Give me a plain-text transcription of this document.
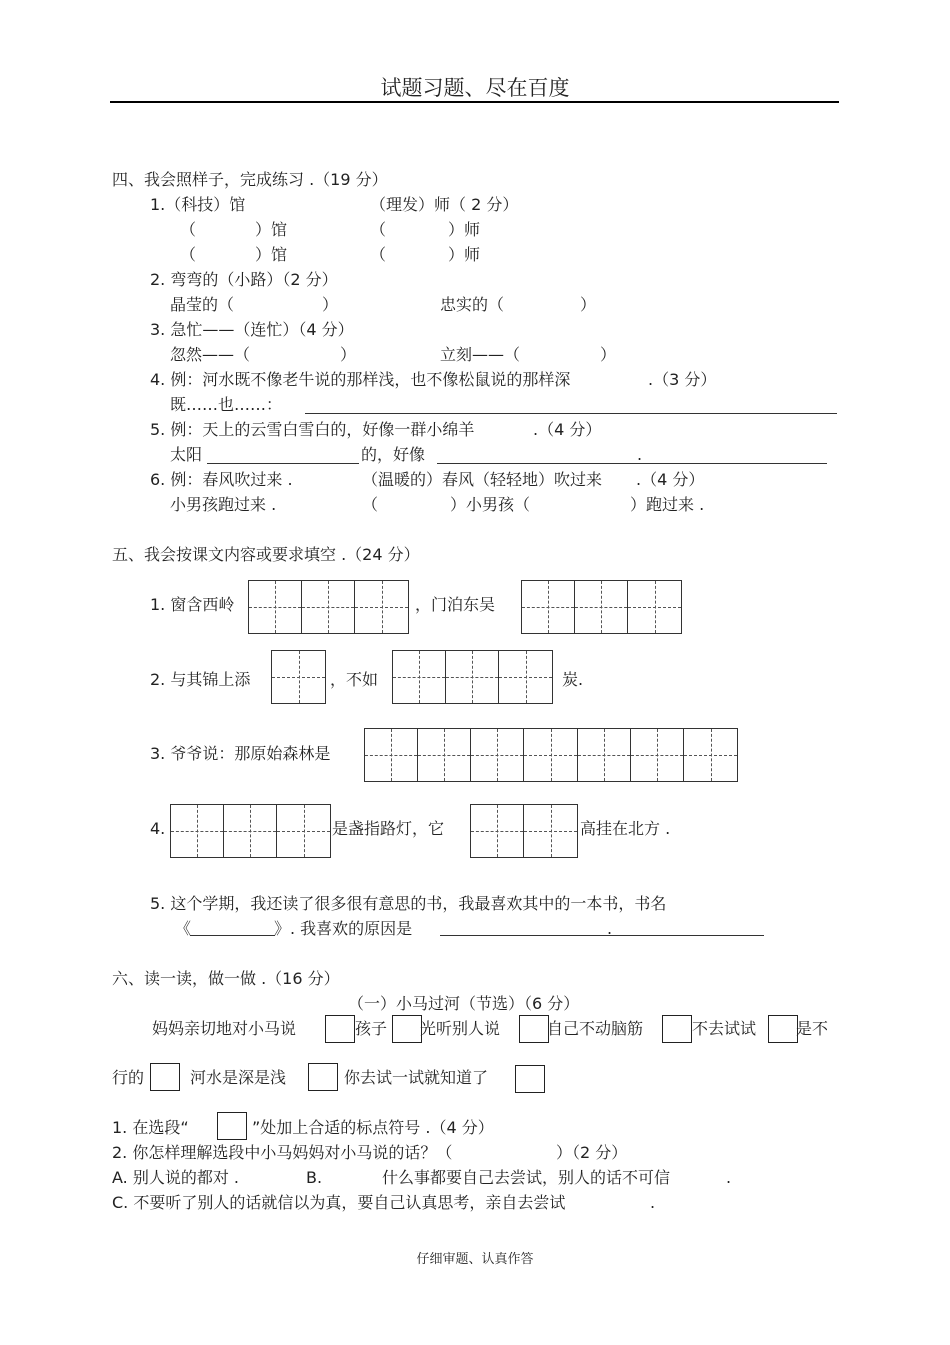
试题习题、尽在百度
四、我会照样子，完成练习 .（19 分）
1.（科技）馆	（理发）师（ 2 分）
（	）馆	（	）师
（	）馆	（	）师
2. 弯弯的（小路）（2 分）
晶莹的（	）	忠实的（	）
3. 急忙——（连忙）（4 分）
忽然——（	）	立刻——（	）
4. 例：河水既不像老牛说的那样浅，也不像松鼠说的那样深	.（3 分）
既……也……：
5. 例：天上的云雪白雪白的，好像一群小绵羊	.（4 分）
太阳	的，好像	.
6. 例：春风吹过来 .	（温暖的）春风（轻轻地）吹过来 .（4 分）
小男孩跑过来 .	（	）小男孩（	）跑过来 .
五、我会按课文内容或要求填空 .（24 分）
1. 窗含西岭	，门泊东吴
2. 与其锦上添	，不如	炭.
3. 爷爷说：那原始森林是
4.	是盏指路灯，它	高挂在北方 .
5. 这个学期，我还读了很多很有意思的书，我最喜欢其中的一本书，书名
《	》. 我喜欢的原因是	.
六、读一读，做一做 .（16 分）
（一）小马过河（节选）（6 分）
妈妈亲切地对小马说	孩子 光听别人说	自己不动脑筋	不去试试 是不
行的	河水是深是浅	你去试一试就知道了
1. 在选段“	”处加上合适的标点符号 .（4 分）
2. 你怎样理解选段中小马妈妈对小马说的话？（	）（2 分）
A. 别人说的都对 .	B.	什么事都要自己去尝试，别人的话不可信	.
C. 不要听了别人的话就信以为真，要自己认真思考，亲自去尝试	.
仔细审题、认真作答
